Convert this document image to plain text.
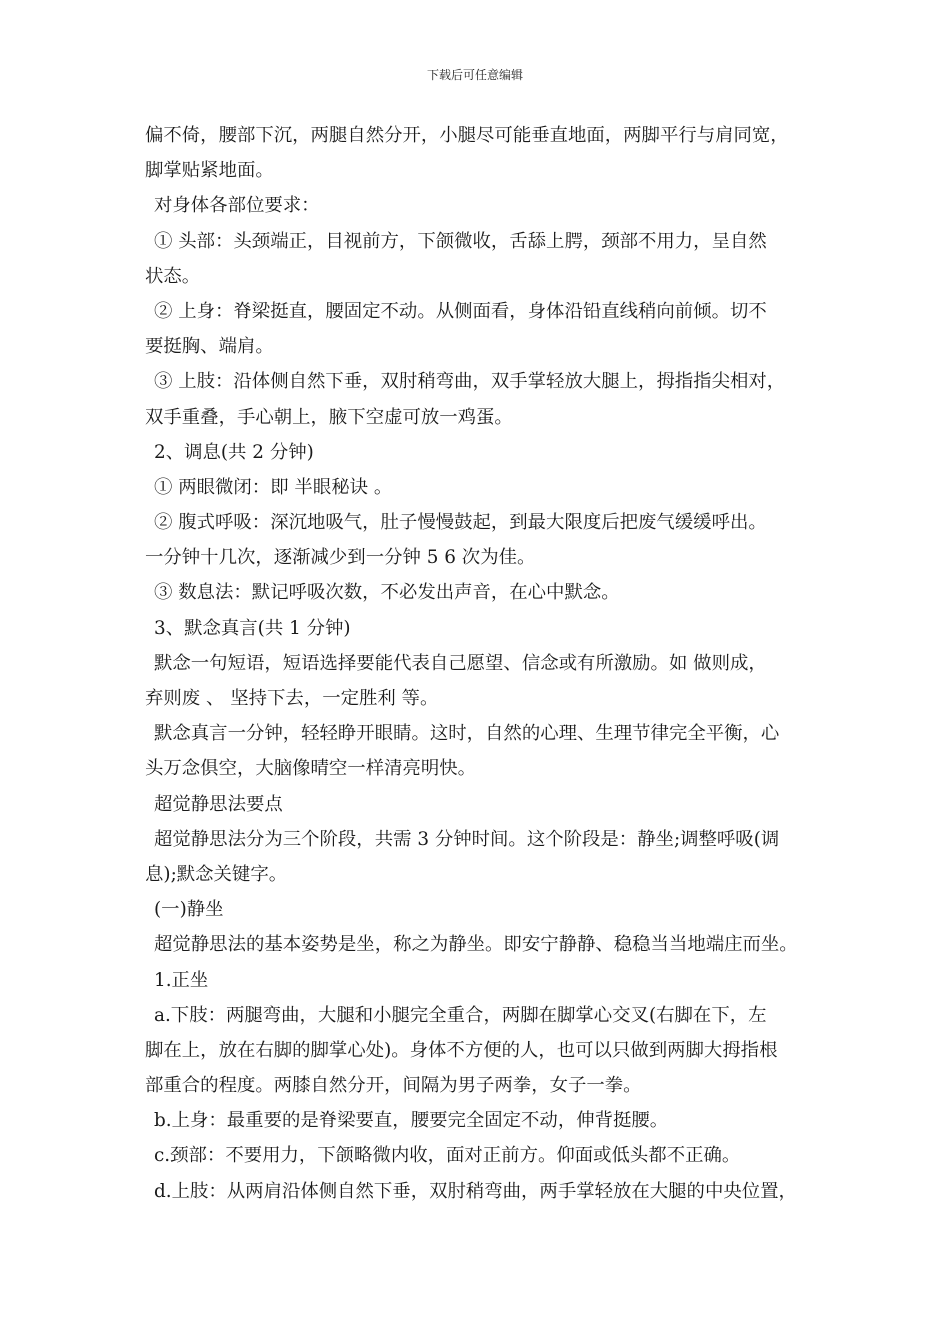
下载后可任意编辑
偏不倚，腰部下沉，两腿自然分开，小腿尽可能垂直地面，两脚平行与肩同宽，
脚掌贴紧地面。
对身体各部位要求：
① 头部：头颈端正，目视前方，下颌微收，舌舔上腭，颈部不用力，呈自然
状态。
② 上身：脊梁挺直，腰固定不动。从侧面看，身体沿铅直线稍向前倾。切不
要挺胸、端肩。
③ 上肢：沿体侧自然下垂，双肘稍弯曲，双手掌轻放大腿上，拇指指尖相对，
双手重叠，手心朝上，腋下空虚可放一鸡蛋。
2、调息(共 2 分钟)
① 两眼微闭：即 半眼秘诀 。
② 腹式呼吸：深沉地吸气，肚子慢慢鼓起，到最大限度后把废气缓缓呼出。
一分钟十几次，逐渐减少到一分钟 5 6 次为佳。
③ 数息法：默记呼吸次数，不必发出声音，在心中默念。
3、默念真言(共 1 分钟)
默念一句短语，短语选择要能代表自己愿望、信念或有所激励。如 做则成，
弃则废 、 坚持下去，一定胜利 等。
默念真言一分钟，轻轻睁开眼睛。这时，自然的心理、生理节律完全平衡，心
头万念俱空，大脑像晴空一样清亮明快。
超觉静思法要点
超觉静思法分为三个阶段，共需 3 分钟时间。这个阶段是：静坐;调整呼吸(调
息);默念关键字。
(一)静坐
超觉静思法的基本姿势是坐，称之为静坐。即安宁静静、稳稳当当地端庄而坐。
1.正坐
a.下肢：两腿弯曲，大腿和小腿完全重合，两脚在脚掌心交叉(右脚在下，左
脚在上，放在右脚的脚掌心处)。身体不方便的人，也可以只做到两脚大拇指根
部重合的程度。两膝自然分开，间隔为男子两拳，女子一拳。
b.上身：最重要的是脊梁要直，腰要完全固定不动，伸背挺腰。
c.颈部：不要用力，下颌略微内收，面对正前方。仰面或低头都不正确。
d.上肢：从两肩沿体侧自然下垂，双肘稍弯曲，两手掌轻放在大腿的中央位置，
